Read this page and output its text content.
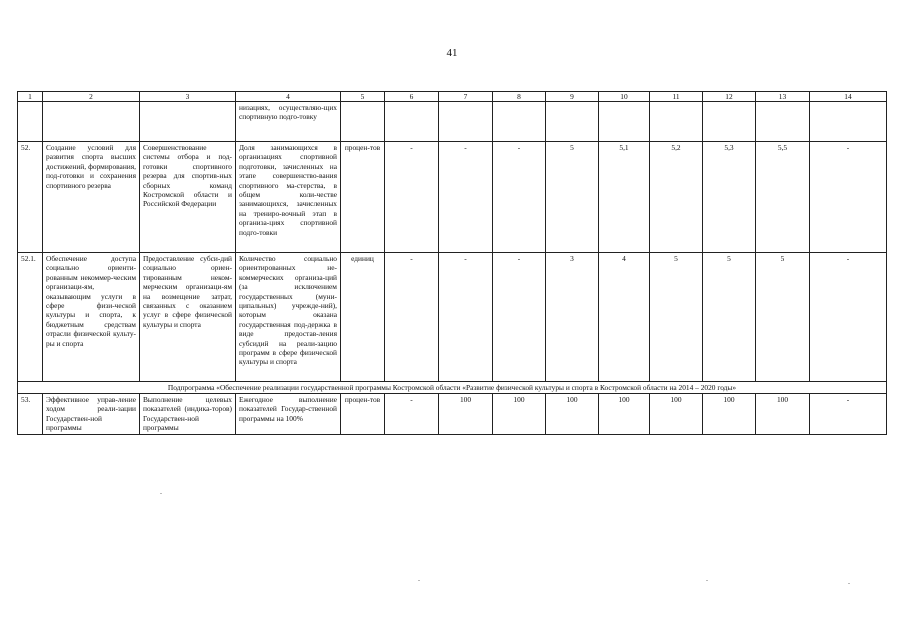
41
1	2	3	4	5	6	7	8	9	10	11	12	13	14
			низациях, осуществляю-щих спортивную подго-товку										
52.	Создание условий для развития спорта высших достижений, формирования, под-готовки и сохранения спортивного резерва	Совершенствование системы отбора и под-готовки спортивного резерва для спортив-ных сборных команд Костромской области и Российской Федерации	Доля занимающихся в организациях спортивной подготовки, зачисленных на этапе совершенство-вания спортивного ма-стерства, в общем коли-честве занимающихся, зачисленных на трениро-вочный этап в организа-циях спортивной подго-товки	процен-тов	-	-	-	5	5,1	5,2	5,3	5,5	-
52.1.	Обеспечение доступа социально ориенти-рованным некоммер-ческим организаци-ям, оказывающим услуги в сфере физи-ческой культуры и спорта, к бюджетным средствам отрасли физической культу-ры и спорта	Предоставление субси-дий социально ориен-тированным неком-мерческим организаци-ям на возмещение затрат, связанных с оказанием услуг в сфере физической культуры и спорта	Количество социально ориентированных не-коммерческих организа-ций (за исключением государственных (муни-ципальных) учрежде-ний), которым оказана государственная под-держка в виде предостав-ления субсидий на реали-зацию программ в сфере физической культуры и спорта	единиц	-	-	-	3	4	5	5	5	-
Подпрограмма «Обеспечение реализации государственной программы Костромской области «Развитие физической культуры и спорта в Костромской области на 2014 – 2020 годы»													
53.	Эффективное управ-ление ходом реали-зации Государствен-ной программы	Выполнение целевых показателей (индика-торов) Государствен-ной программы	Ежегодное выполнение показателей Государ-ственной программы на 100%	процен-тов	-	100	100	100	100	100	100	100	-
